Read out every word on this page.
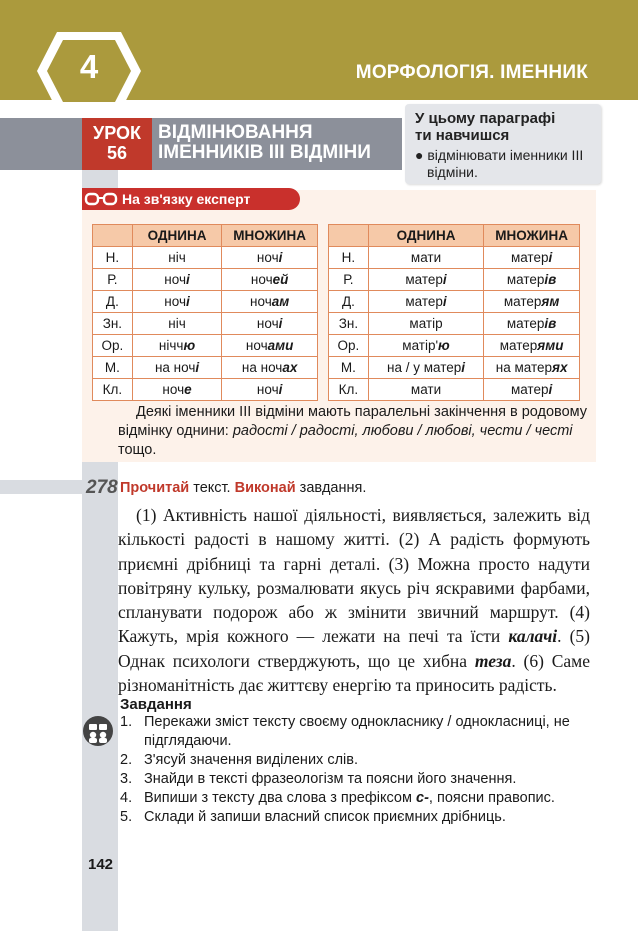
4	МОРФОЛОГІЯ. ІМЕННИК
УРОК
56
ВІДМІНЮВАННЯ
ІМЕННИКІВ ІІІ ВІДМІНИ
У цьому параграфі
ти навчишся
● відмінювати іменники ІІІ відміни.
На зв'язку експерт
	ОДНИНА	МНОЖИНА
Н.	ніч	ночі
Р.	ночі	ночей
Д.	ночі	ночам
Зн.	ніч	ночі
Ор.	ніччю	ночами
М.	на ночі	на ночах
Кл.	ноче	ночі
	ОДНИНА	МНОЖИНА
Н.	мати	матері
Р.	матері	матерів
Д.	матері	матерям
Зн.	матір	матерів
Ор.	матір'ю	матерями
М.	на / у матері	на матерях
Кл.	мати	матері
Деякі іменники ІІІ відміни мають паралельні закінчення в родовому відмінку однини: радості / радості, любови / любові, чести / честі тощо.
278 Прочитай текст. Виконай завдання.
(1) Активність нашої діяльності, виявляється, залежить від кількості радості в нашому житті. (2) А радість формують приємні дрібниці та гарні деталі. (3) Можна просто надути повітряну кульку, розмалювати якусь річ яскравими фарбами, спланувати подорож або ж змінити звичний маршрут. (4) Кажуть, мрія кожного — лежати на печі та їсти калачі. (5) Однак психологи стверджують, що це хибна теза. (6) Саме різноманітність дає життєву енергію та приносить радість.
Завдання
1. Перекажи зміст тексту своєму однокласнику / однокласниці, не підглядаючи.
2. З'ясуй значення виділених слів.
3. Знайди в тексті фразеологізм та поясни його значення.
4. Випиши з тексту два слова з префіксом с-, поясни правопис.
5. Склади й запиши власний список приємних дрібниць.
142
